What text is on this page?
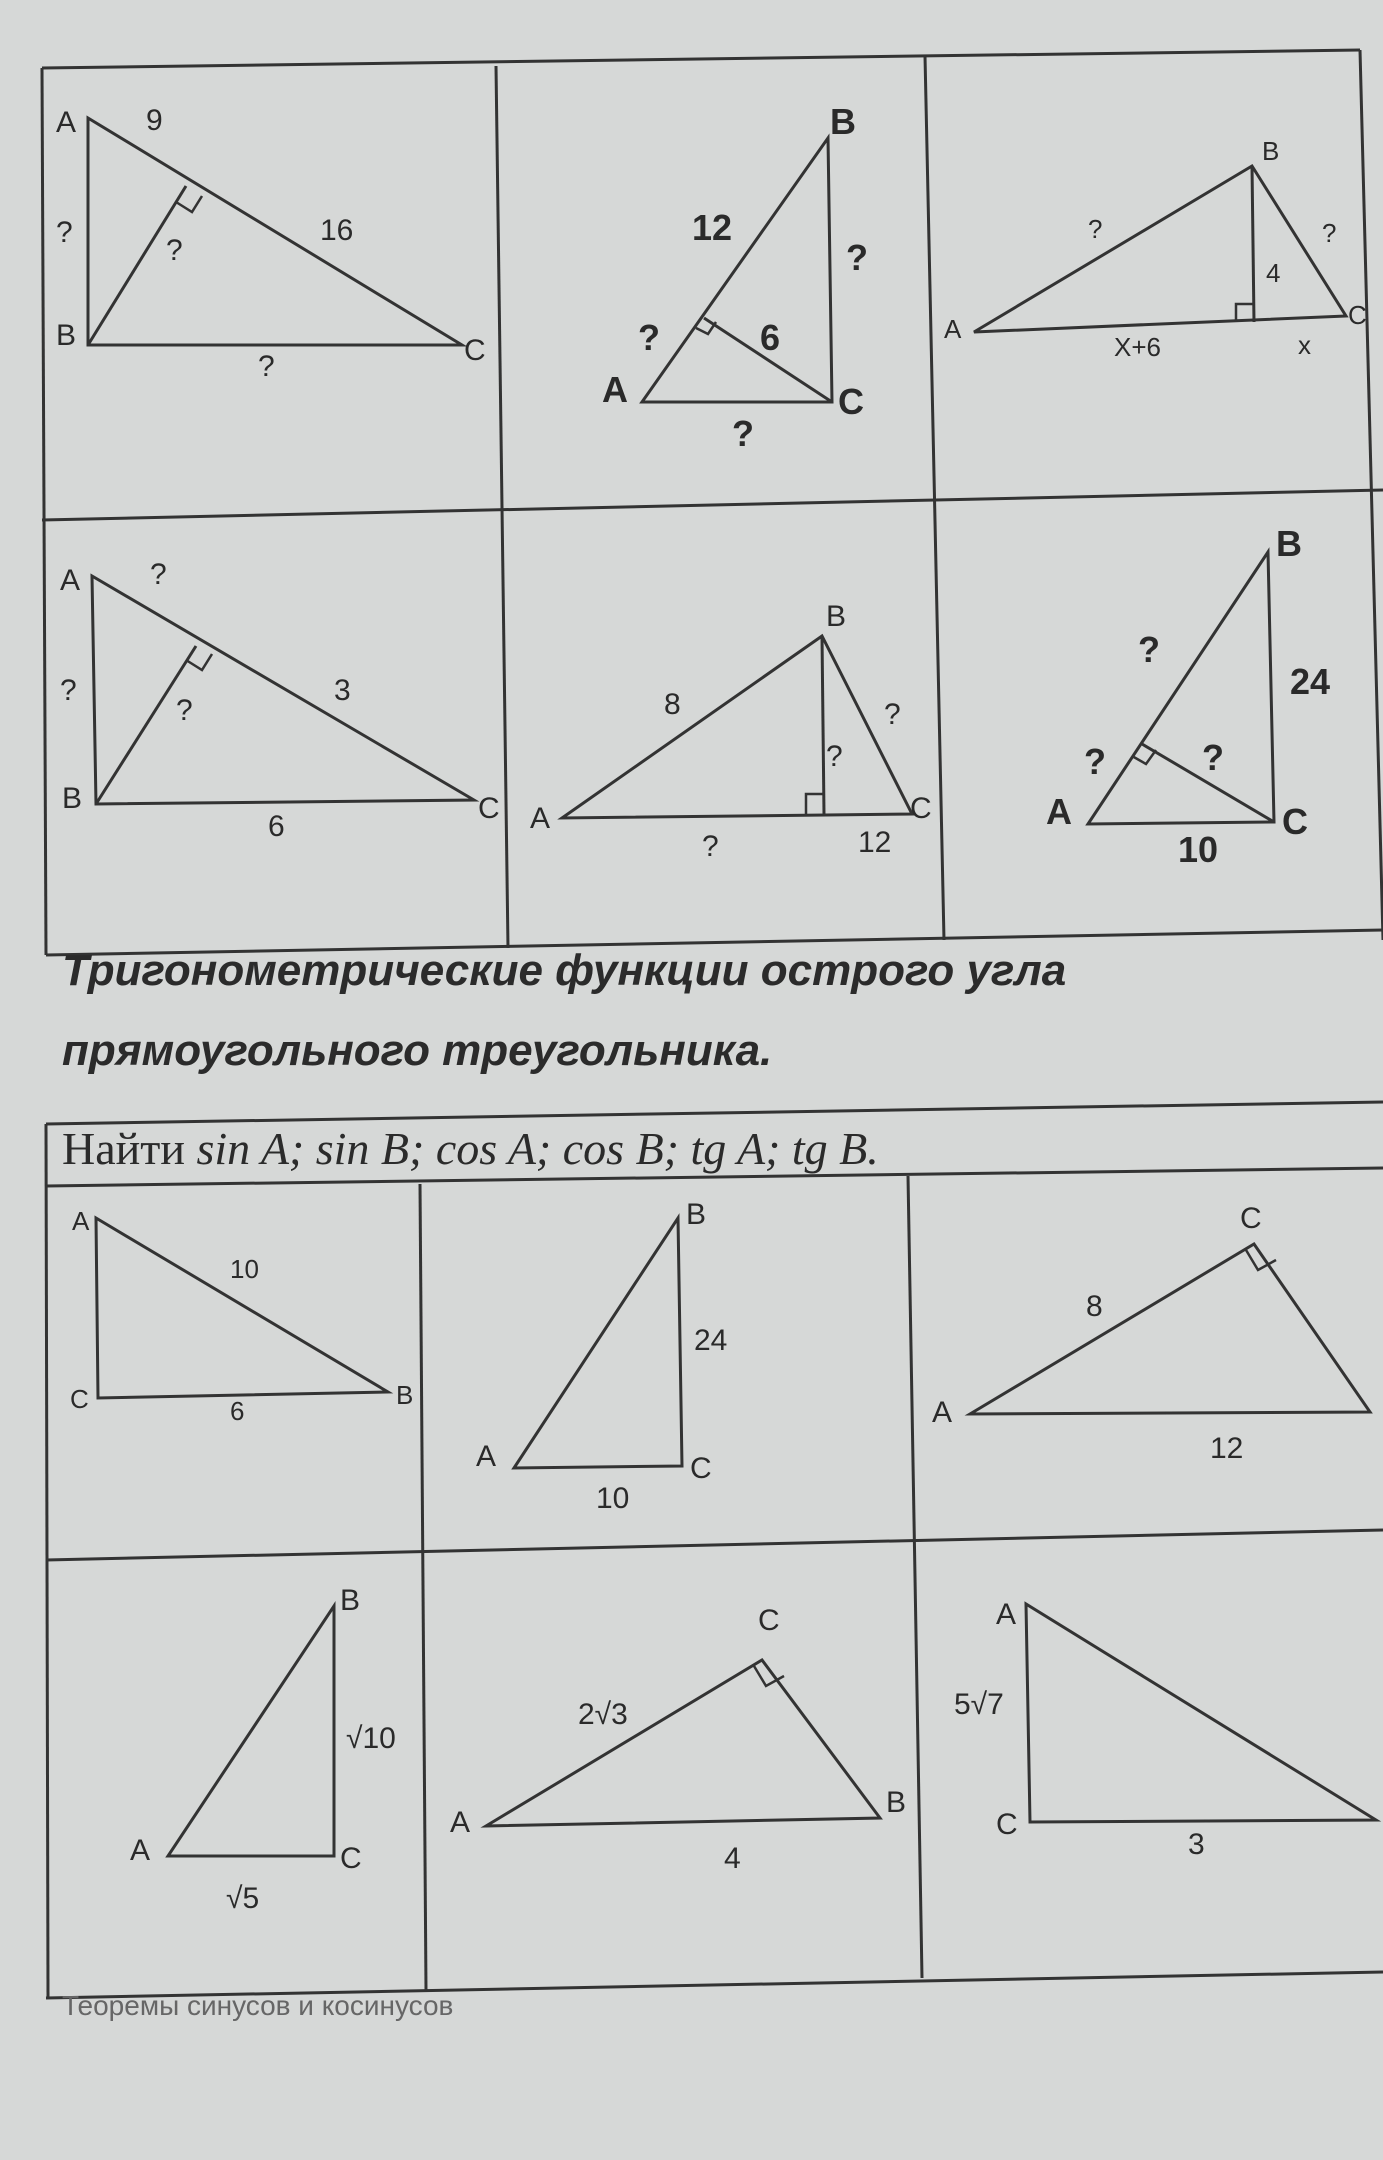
A
B	C
9
16
?
?
?
B
A	C
12
6
?
?
?
B
A	C
?	?
4
X+6	x
A
B	C
?
?
?
3
6
B
A	C
8	?
?
?	12
B
A	C
?
24
?	?
10
A
C	B
10
6
B
A	C
24
10
C
A
8
12
B
A	C
√10
√5
C
A
B
2√3
4
A
C
5√7
3
Тригонометрические функции острого угла
прямоугольного треугольника.
Найти sin A; sin B; cos A; cos B; tg A; tg B.
Теоремы синусов и косинусов
